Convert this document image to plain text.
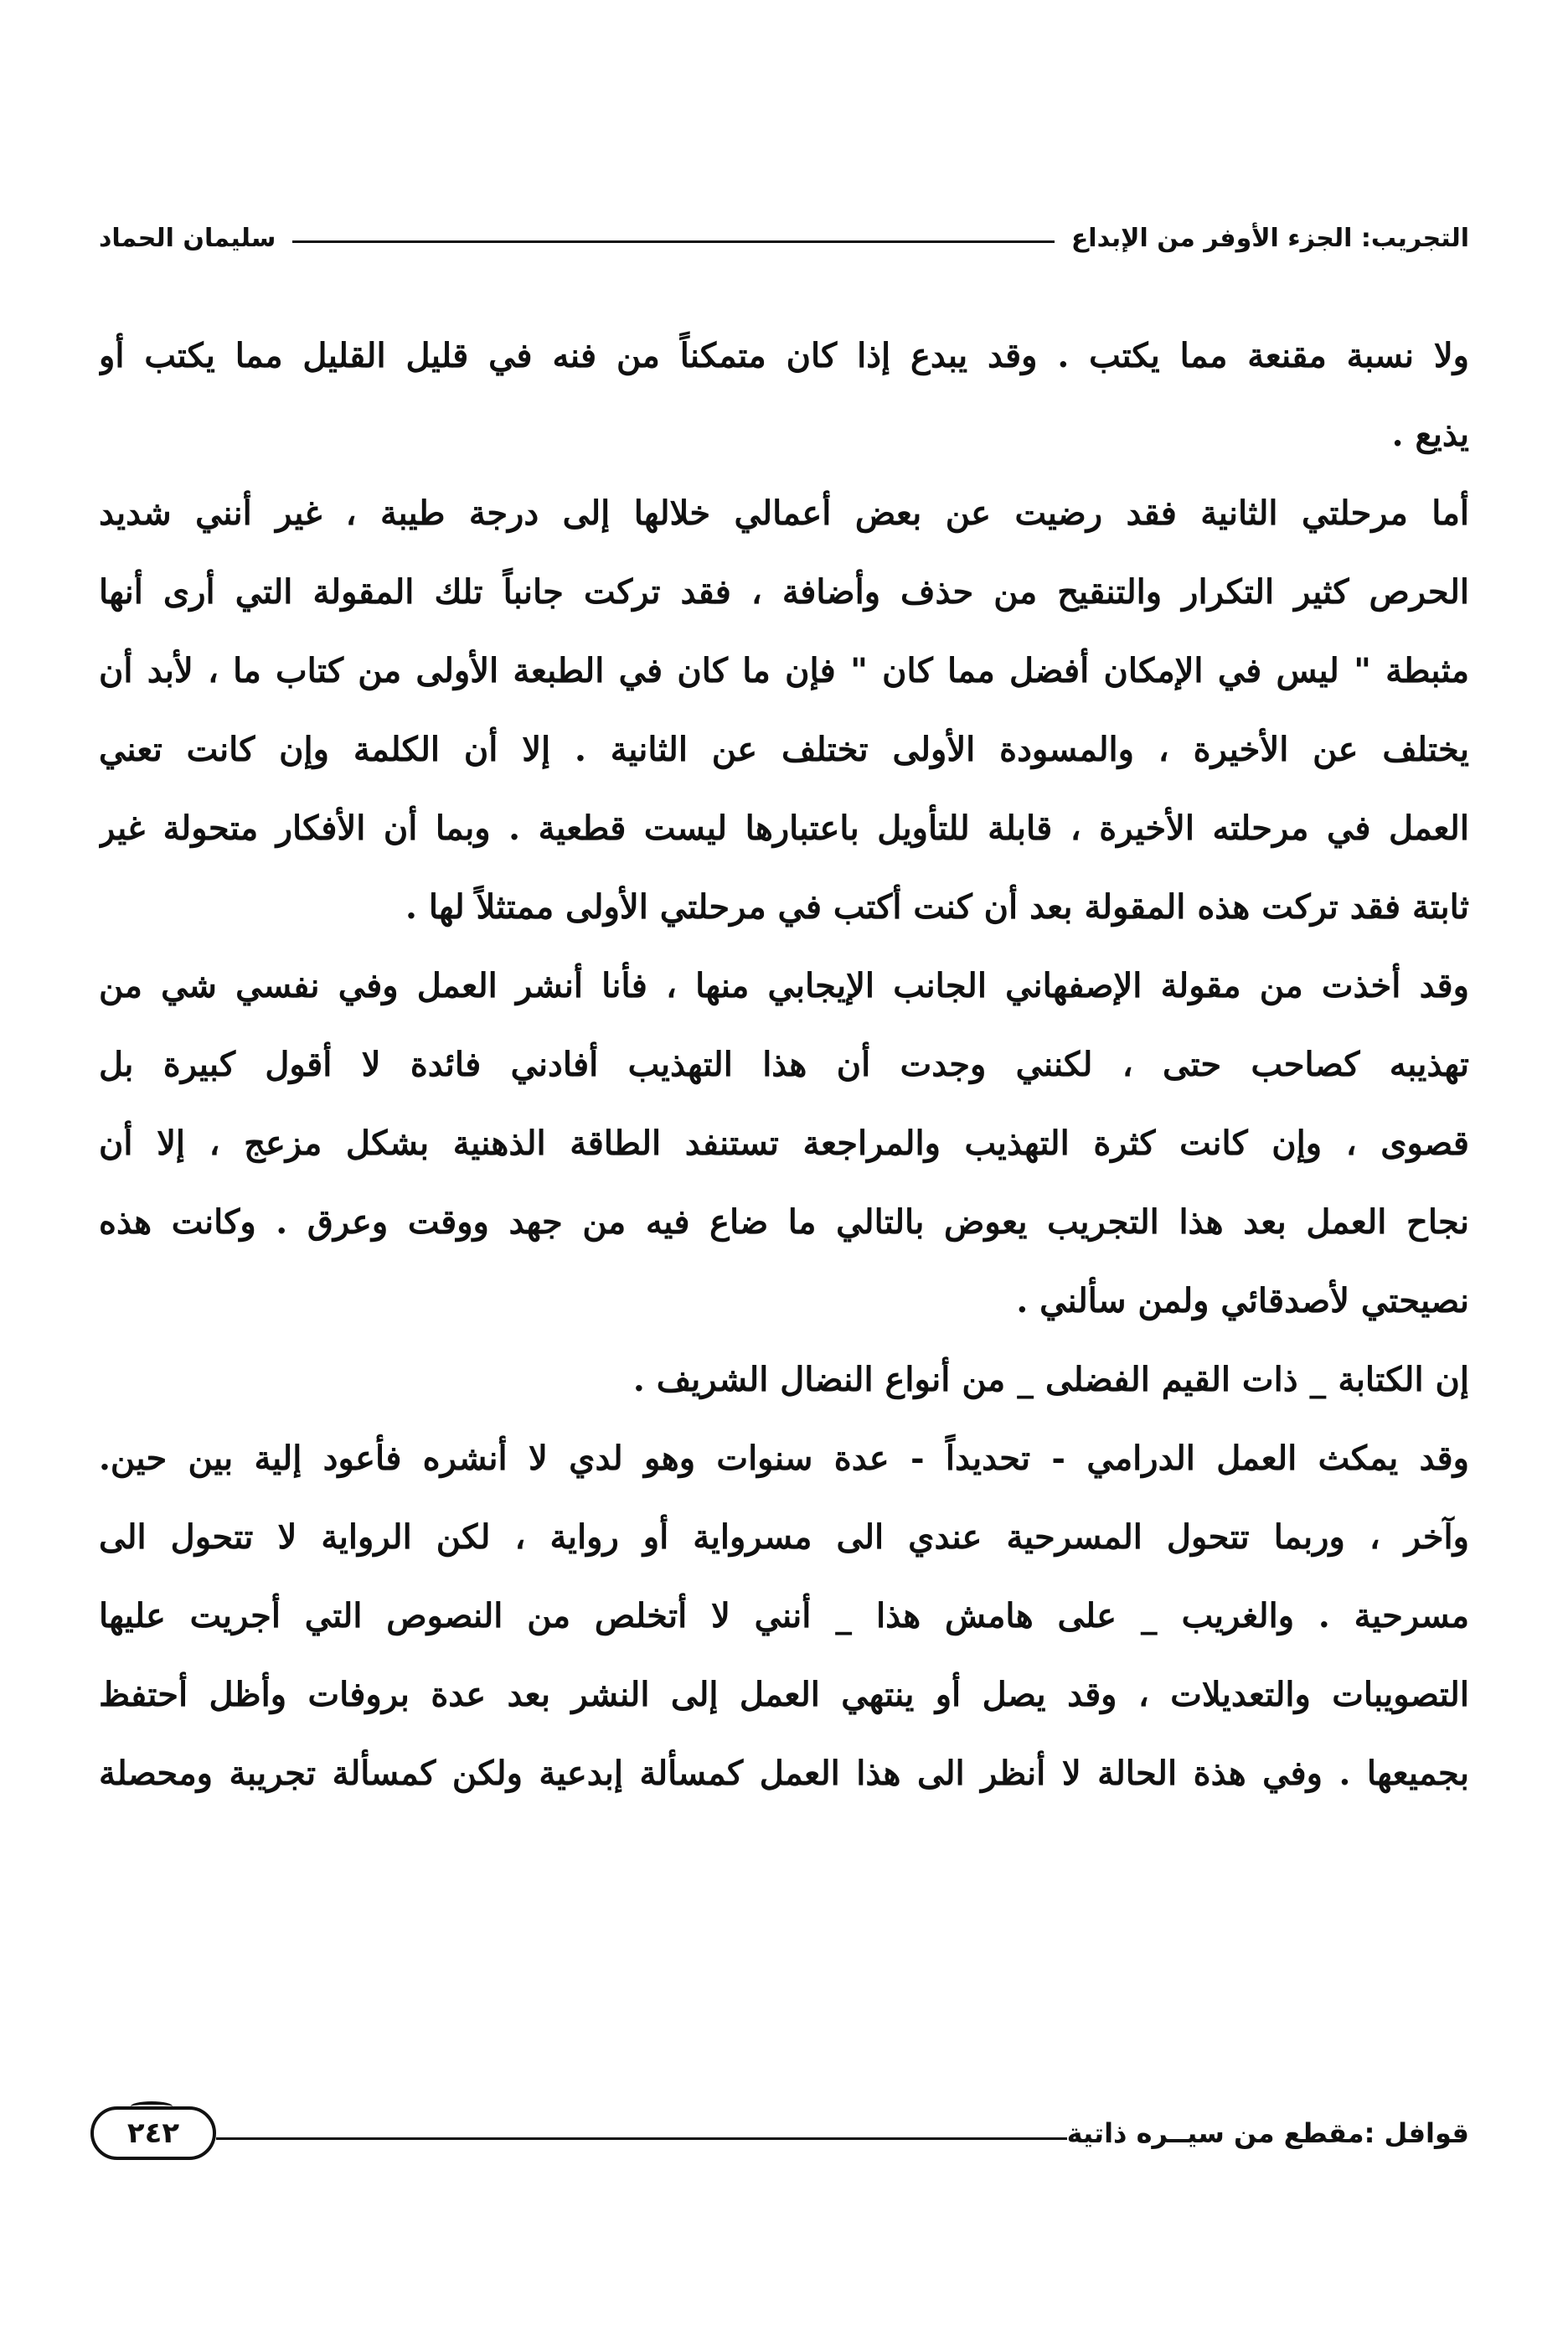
التجريب: الجزء الأوفر من الإبداع
سليمان الحماد
ولا نسبة مقنعة مما يكتب . وقد يبدع إذا كان متمكناً من فنه في قليل القليل مما يكتب أو
يذيع .
أما مرحلتي الثانية فقد رضيت عن بعض أعمالي خلالها إلى درجة طيبة ، غير أنني شديد
الحرص كثير التكرار والتنقيح من حذف وأضافة ، فقد تركت جانباً تلك المقولة التي أرى أنها
مثبطة " ليس في الإمكان أفضل مما كان " فإن ما كان في الطبعة الأولى من كتاب ما ، لأبد أن
يختلف عن الأخيرة ، والمسودة الأولى تختلف عن الثانية . إلا أن الكلمة وإن كانت تعني
العمل في مرحلته الأخيرة ، قابلة للتأويل باعتبارها ليست قطعية . وبما أن الأفكار متحولة غير
ثابتة فقد تركت هذه المقولة بعد أن كنت أكتب في مرحلتي الأولى ممتثلاً لها .
وقد أخذت من مقولة الإصفهاني الجانب الإيجابي منها ، فأنا أنشر العمل وفي نفسي شي من
تهذيبه كصاحب حتى ، لكنني وجدت أن هذا التهذيب أفادني فائدة لا أقول كبيرة بل
قصوى ، وإن كانت كثرة التهذيب والمراجعة تستنفد الطاقة الذهنية بشكل مزعج ، إلا أن
نجاح العمل بعد هذا التجريب يعوض بالتالي ما ضاع فيه من جهد ووقت وعرق . وكانت هذه
نصيحتي لأصدقائي ولمن سألني .
إن الكتابة _ ذات القيم الفضلى _ من أنواع النضال الشريف .
وقد يمكث العمل الدرامي - تحديداً - عدة سنوات وهو لدي لا أنشره فأعود إلية بين حين.
وآخر ، وربما تتحول المسرحية عندي الى مسرواية أو رواية ، لكن الرواية لا تتحول الى
مسرحية . والغريب _ على هامش هذا _ أنني لا أتخلص من النصوص التي أجريت عليها
التصويبات والتعديلات ، وقد يصل أو ينتهي العمل إلى النشر بعد عدة بروفات وأظل أحتفظ
بجميعها . وفي هذة الحالة لا أنظر الى هذا العمل كمسألة إبدعية ولكن كمسألة تجريبة ومحصلة
قوافل :مقطع من سيــره ذاتية
٢٤٢
